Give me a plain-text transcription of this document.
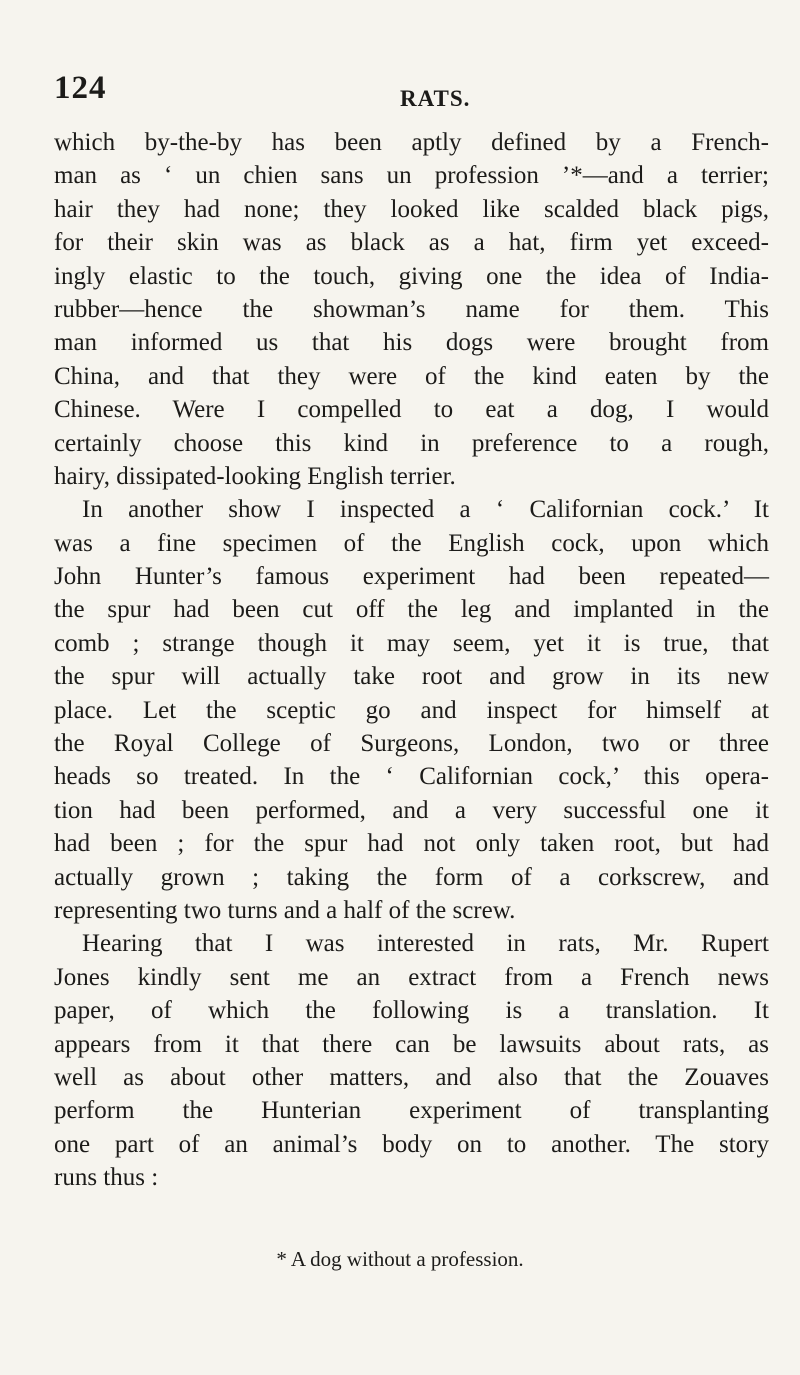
124	RATS.
which by-the-by has been aptly defined by a French-
man as ‘ un chien sans un profession ’*—and a terrier;
hair they had none; they looked like scalded black pigs,
for their skin was as black as a hat, firm yet exceed-
ingly elastic to the touch, giving one the idea of India-
rubber—hence the showman’s name for them. This
man informed us that his dogs were brought from
China, and that they were of the kind eaten by the
Chinese. Were I compelled to eat a dog, I would
certainly choose this kind in preference to a rough,
hairy, dissipated-looking English terrier.
In another show I inspected a ‘ Californian cock.’ It
was a fine specimen of the English cock, upon which
John Hunter’s famous experiment had been repeated—
the spur had been cut off the leg and implanted in the
comb ; strange though it may seem, yet it is true, that
the spur will actually take root and grow in its new
place. Let the sceptic go and inspect for himself at
the Royal College of Surgeons, London, two or three
heads so treated. In the ‘ Californian cock,’ this opera-
tion had been performed, and a very successful one it
had been ; for the spur had not only taken root, but had
actually grown ; taking the form of a corkscrew, and
representing two turns and a half of the screw.
Hearing that I was interested in rats, Mr. Rupert
Jones kindly sent me an extract from a French news
paper, of which the following is a translation. It
appears from it that there can be lawsuits about rats, as
well as about other matters, and also that the Zouaves
perform the Hunterian experiment of transplanting
one part of an animal’s body on to another. The story
runs thus :
* A dog without a profession.
